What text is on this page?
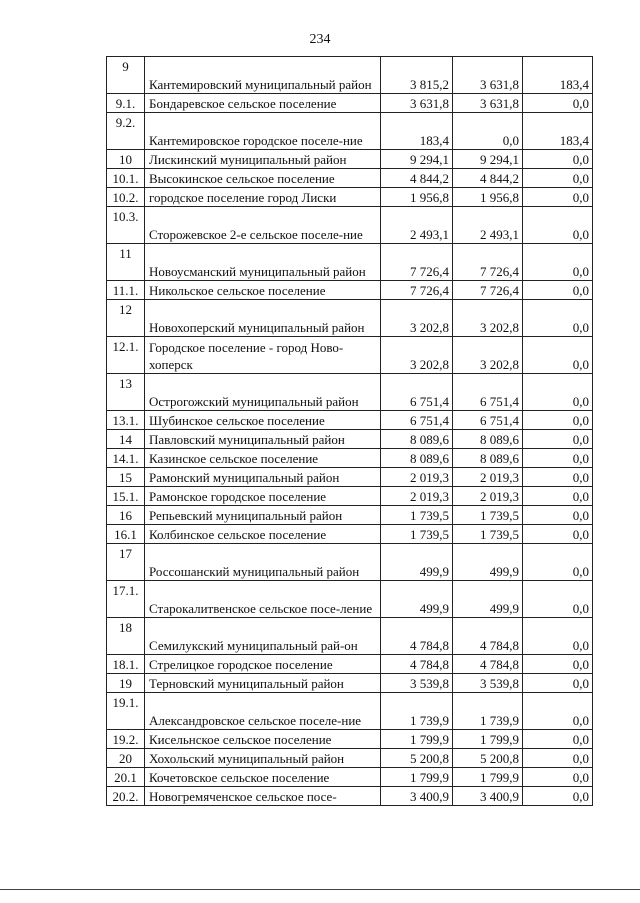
234
9	Кантемировский муниципальный район	3 815,2	3 631,8	183,4
9.1.	Бондаревское сельское поселение	3 631,8	3 631,8	0,0
9.2.	Кантемировское городское поселе-ние	183,4	0,0	183,4
10	Лискинский муниципальный район	9 294,1	9 294,1	0,0
10.1.	Высокинское сельское поселение	4 844,2	4 844,2	0,0
10.2.	городское поселение город Лиски	1 956,8	1 956,8	0,0
10.3.	Сторожевское 2-е сельское поселе-ние	2 493,1	2 493,1	0,0
11	Новоусманский муниципальный район	7 726,4	7 726,4	0,0
11.1.	Никольское сельское поселение	7 726,4	7 726,4	0,0
12	Новохоперский муниципальный район	3 202,8	3 202,8	0,0
12.1.	Городское поселение - город Ново-хоперск	3 202,8	3 202,8	0,0
13	Острогожский муниципальный район	6 751,4	6 751,4	0,0
13.1.	Шубинское сельское поселение	6 751,4	6 751,4	0,0
14	Павловский муниципальный район	8 089,6	8 089,6	0,0
14.1.	Казинское сельское поселение	8 089,6	8 089,6	0,0
15	Рамонский муниципальный район	2 019,3	2 019,3	0,0
15.1.	Рамонское городское поселение	2 019,3	2 019,3	0,0
16	Репьевский муниципальный район	1 739,5	1 739,5	0,0
16.1	Колбинское сельское поселение	1 739,5	1 739,5	0,0
17	Россошанский муниципальный район	499,9	499,9	0,0
17.1.	Старокалитвенское сельское посе-ление	499,9	499,9	0,0
18	Семилукский муниципальный рай-он	4 784,8	4 784,8	0,0
18.1.	Стрелицкое городское поселение	4 784,8	4 784,8	0,0
19	Терновский муниципальный район	3 539,8	3 539,8	0,0
19.1.	Александровское сельское поселе-ние	1 739,9	1 739,9	0,0
19.2.	Кисельнское сельское поселение	1 799,9	1 799,9	0,0
20	Хохольский муниципальный район	5 200,8	5 200,8	0,0
20.1	Кочетовское сельское поселение	1 799,9	1 799,9	0,0
20.2.	Новогремяченское сельское посе-	3 400,9	3 400,9	0,0
